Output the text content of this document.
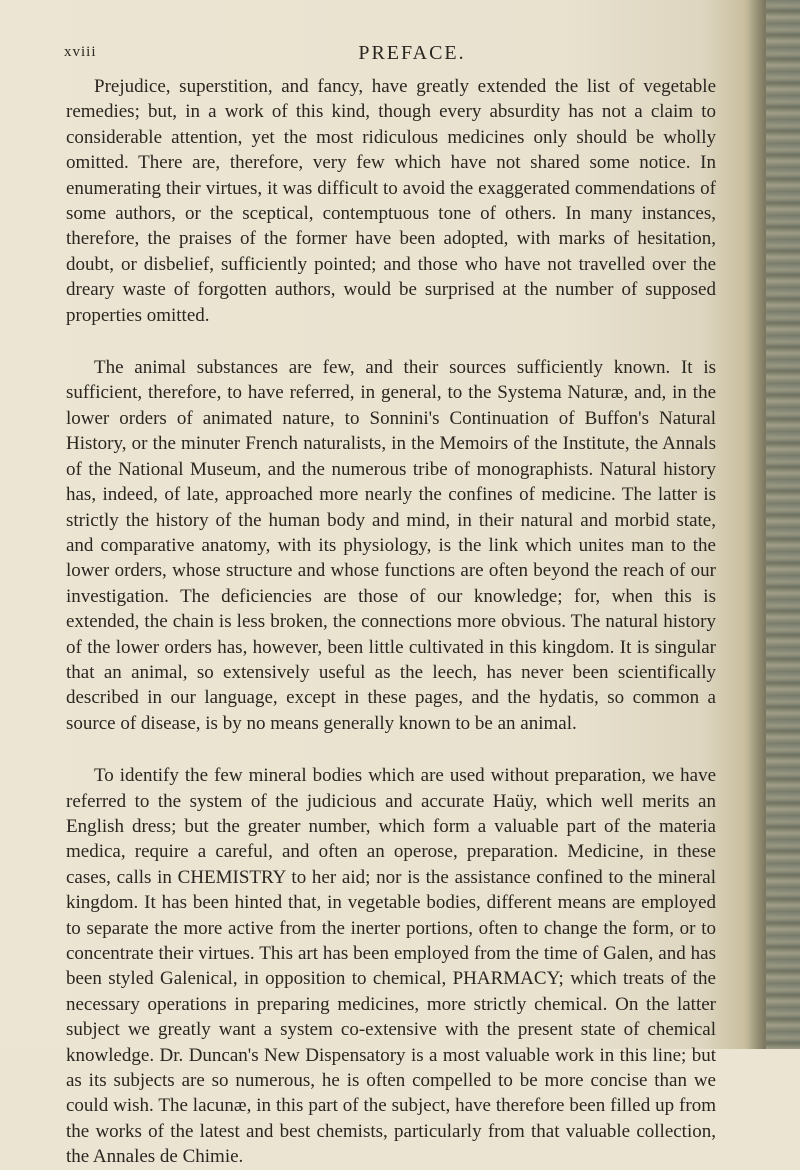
xviii	PREFACE.

Prejudice, superstition, and fancy, have greatly extended the list of vegetable remedies; but, in a work of this kind, though every absurdity has not a claim to considerable attention, yet the most ridiculous medicines only should be wholly omitted. There are, therefore, very few which have not shared some notice. In enumerating their virtues, it was difficult to avoid the exaggerated commendations of some authors, or the sceptical, contemptuous tone of others. In many instances, therefore, the praises of the former have been adopted, with marks of hesitation, doubt, or disbelief, sufficiently pointed; and those who have not travelled over the dreary waste of forgotten authors, would be surprised at the number of supposed properties omitted.

The animal substances are few, and their sources sufficiently known. It is sufficient, therefore, to have referred, in general, to the Systema Naturæ, and, in the lower orders of animated nature, to Sonnini's Continuation of Buffon's Natural History, or the minuter French naturalists, in the Memoirs of the Institute, the Annals of the National Museum, and the numerous tribe of monographists. Natural history has, indeed, of late, approached more nearly the confines of medicine. The latter is strictly the history of the human body and mind, in their natural and morbid state, and comparative anatomy, with its physiology, is the link which unites man to the lower orders, whose structure and whose functions are often beyond the reach of our investigation. The deficiencies are those of our knowledge; for, when this is extended, the chain is less broken, the connections more obvious. The natural history of the lower orders has, however, been little cultivated in this kingdom. It is singular that an animal, so extensively useful as the leech, has never been scientifically described in our language, except in these pages, and the hydatis, so common a source of disease, is by no means generally known to be an animal.

To identify the few mineral bodies which are used without preparation, we have referred to the system of the judicious and accurate Haüy, which well merits an English dress; but the greater number, which form a valuable part of the materia medica, require a careful, and often an operose, preparation. Medicine, in these cases, calls in CHEMISTRY to her aid; nor is the assistance confined to the mineral kingdom. It has been hinted that, in vegetable bodies, different means are employed to separate the more active from the inerter portions, often to change the form, or to concentrate their virtues. This art has been employed from the time of Galen, and has been styled Galenical, in opposition to chemical, PHARMACY; which treats of the necessary operations in preparing medicines, more strictly chemical. On the latter subject we greatly want a system co-extensive with the present state of chemical knowledge. Dr. Duncan's New Dispensatory is a most valuable work in this line; but as its subjects are so numerous, he is often compelled to be more concise than we could wish. The lacunæ, in this part of the subject, have therefore been filled up from the works of the latest and best chemists, particularly from that valuable collection, the Annales de Chimie.
